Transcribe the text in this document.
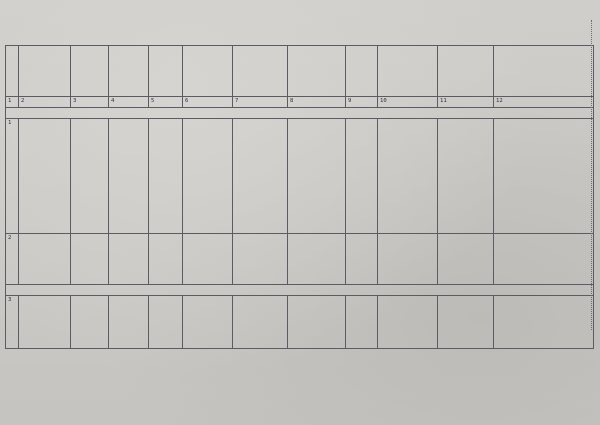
1	2	3	4	5	6	7	8	9	10	11	12

1											
2											

3											
